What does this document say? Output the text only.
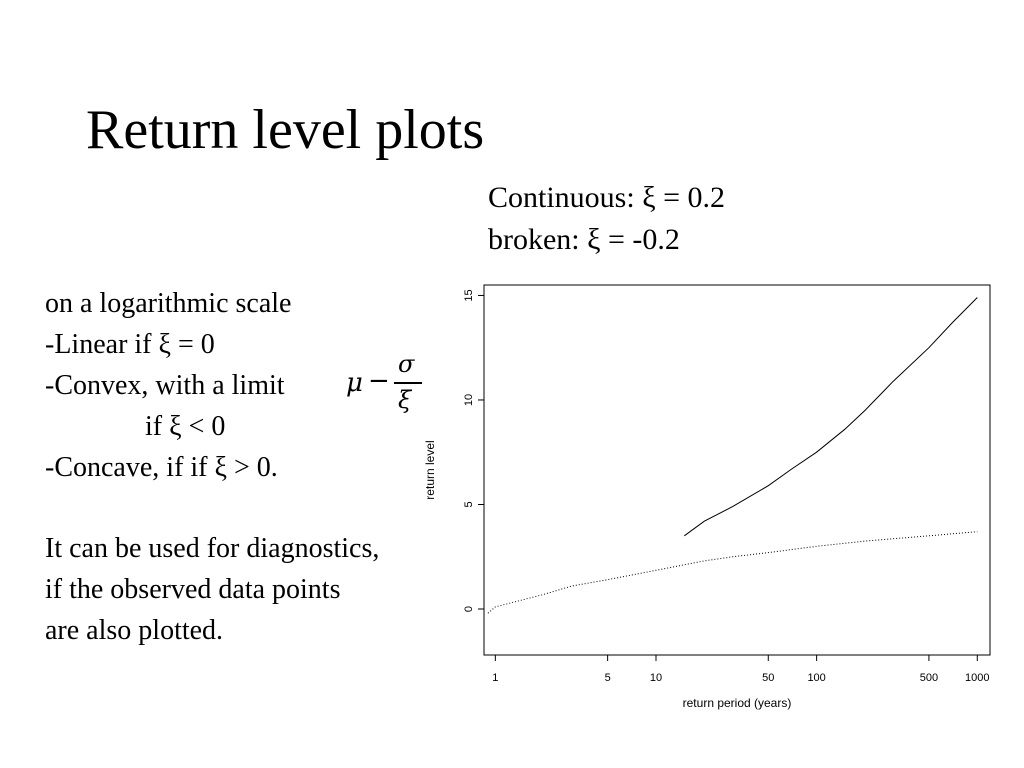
Return level plots
Continuous: ξ = 0.2
broken: ξ = -0.2
on a logarithmic scale
-Linear if ξ = 0
-Convex, with a limit
if ξ < 0
-Concave, if if ξ > 0.
μ −
σ
ξ
It can be used for diagnostics,
if the observed data points
are also plotted.
0
5
10
15
1	5	10	50	100	500 1000
return period (years)
return level
